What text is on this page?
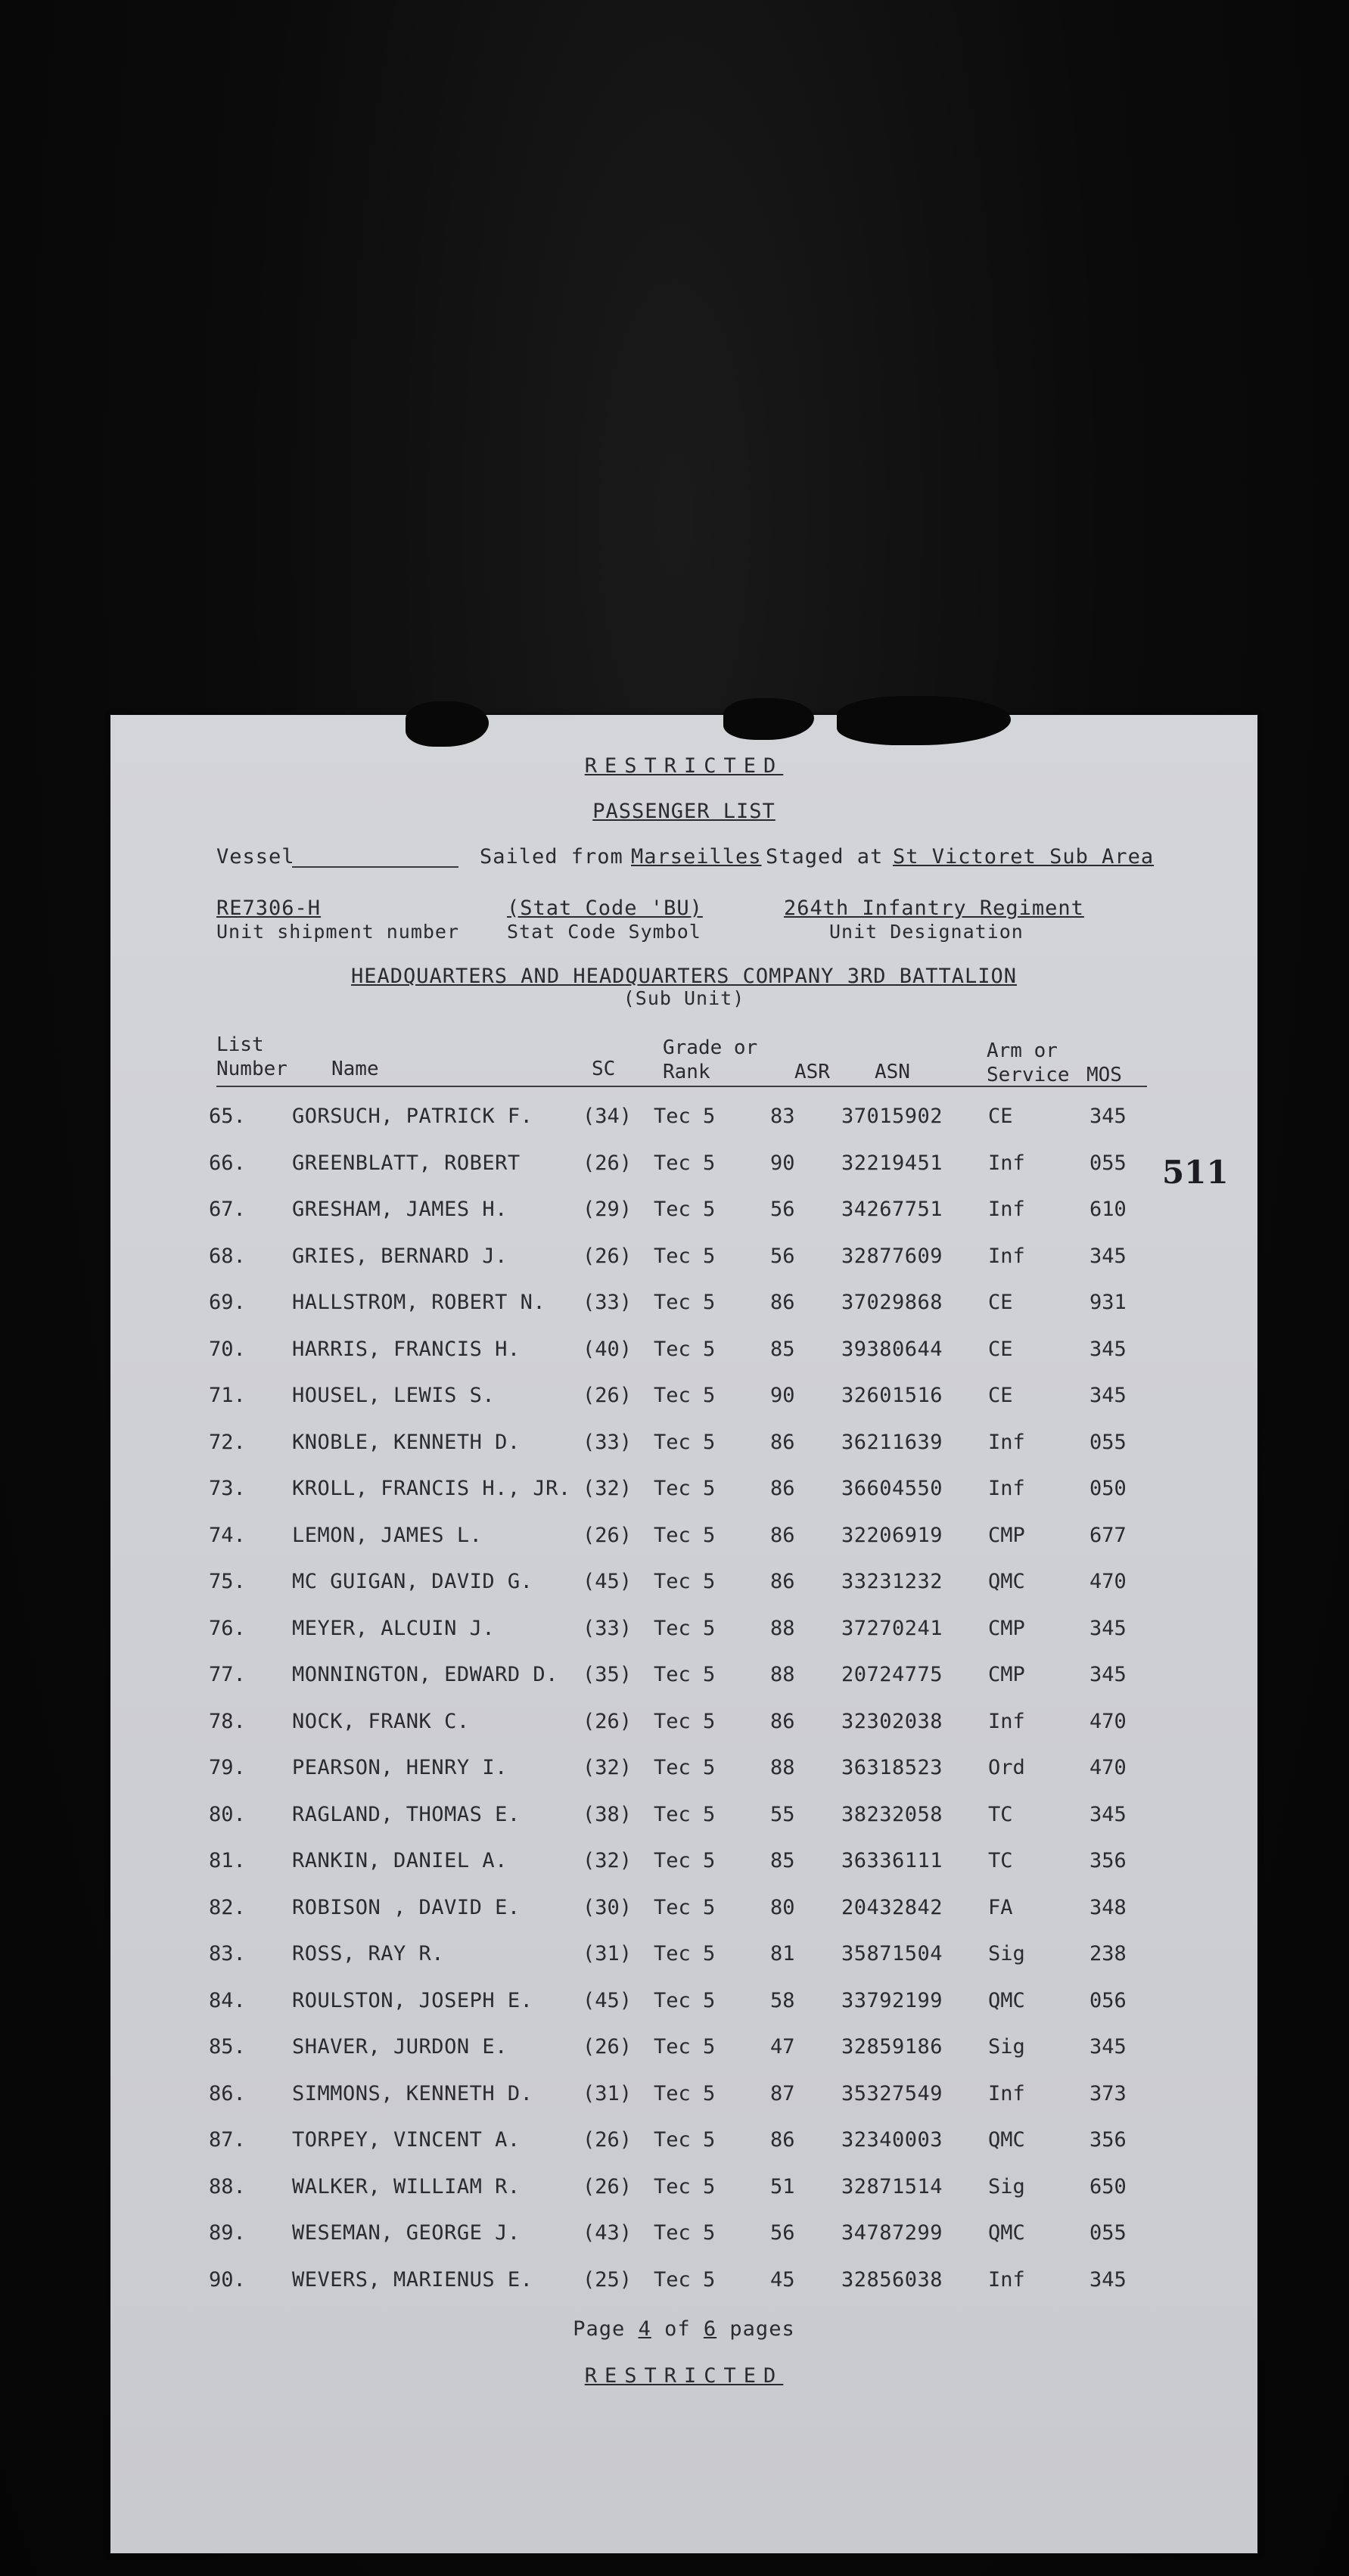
RESTRICTED
PASSENGER LIST
Vessel	Sailed from Marseilles Staged at St Victoret Sub Area
RE7306-H
Unit shipment number
(Stat Code 'BU)
Stat Code Symbol
264th Infantry Regiment
Unit Designation
HEADQUARTERS AND HEADQUARTERS COMPANY 3RD BATTALION
(Sub Unit)
List
Number Name	SC
Grade or
Rank	ASR ASN
Arm or
Service MOS
65. GORSUCH, PATRICK F. (34) Tec 5	83 37015902 CE	345
66. GREENBLATT, ROBERT	(26) Tec 5	90 32219451 Inf	055
67. GRESHAM, JAMES H.	(29) Tec 5	56 34267751 Inf	610
68. GRIES, BERNARD J.	(26) Tec 5	56 32877609 Inf	345
69. HALLSTROM, ROBERT N. (33) Tec 5	86 37029868 CE	931
70. HARRIS, FRANCIS H.	(40) Tec 5	85 39380644 CE	345
71. HOUSEL, LEWIS S.	(26) Tec 5	90 32601516 CE	345
72. KNOBLE, KENNETH D.	(33) Tec 5	86 36211639 Inf	055
73. KROLL, FRANCIS H., JR. (32) Tec 5	86 36604550 Inf	050
74. LEMON, JAMES L.	(26) Tec 5	86 32206919 CMP	677
75. MC GUIGAN, DAVID G. (45) Tec 5	86 33231232 QMC	470
76. MEYER, ALCUIN J.	(33) Tec 5	88 37270241 CMP	345
77. MONNINGTON, EDWARD D. (35) Tec 5	88 20724775 CMP	345
78. NOCK, FRANK C.	(26) Tec 5	86 32302038 Inf	470
79. PEARSON, HENRY I.	(32) Tec 5	88 36318523 Ord	470
80. RAGLAND, THOMAS E.	(38) Tec 5	55 38232058 TC	345
81. RANKIN, DANIEL A.	(32) Tec 5	85 36336111 TC	356
82. ROBISON , DAVID E.	(30) Tec 5	80 20432842 FA	348
83. ROSS, RAY R.	(31) Tec 5	81 35871504 Sig	238
84. ROULSTON, JOSEPH E. (45) Tec 5	58 33792199 QMC	056
85. SHAVER, JURDON E.	(26) Tec 5	47 32859186 Sig	345
86. SIMMONS, KENNETH D. (31) Tec 5	87 35327549 Inf	373
87. TORPEY, VINCENT A.	(26) Tec 5	86 32340003 QMC	356
88. WALKER, WILLIAM R.	(26) Tec 5	51 32871514 Sig	650
89. WESEMAN, GEORGE J.	(43) Tec 5	56 34787299 QMC	055
90. WEVERS, MARIENUS E. (25) Tec 5	45 32856038 Inf	345
Page 4 of 6 pages
RESTRICTED
511
